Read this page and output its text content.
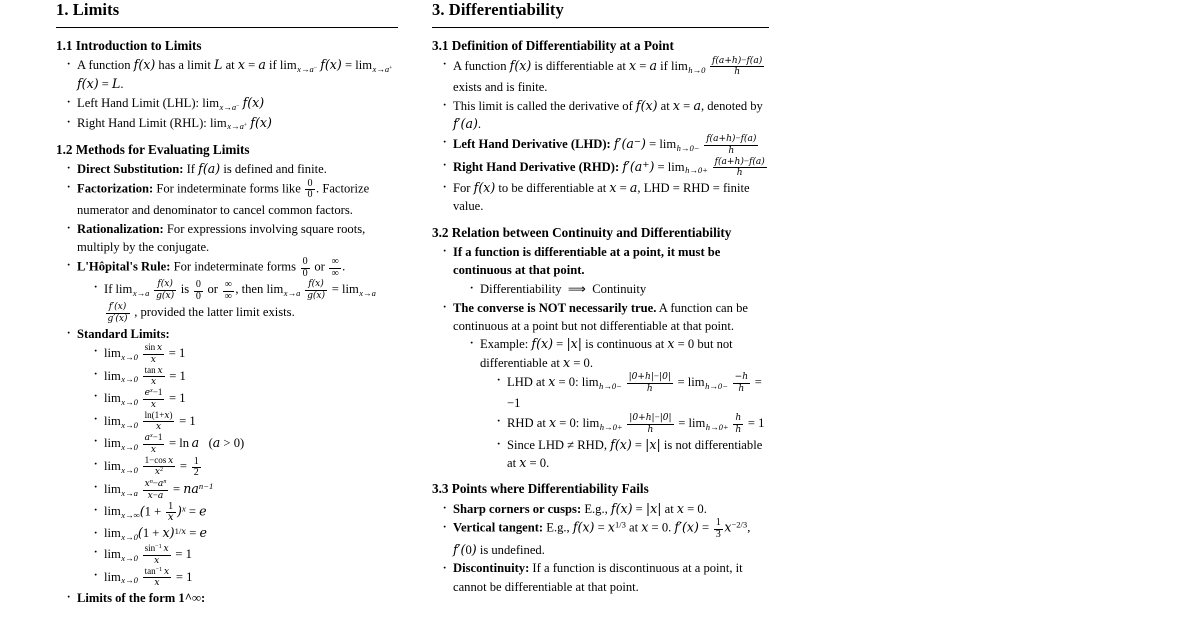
1. Limits
1.1 Introduction to Limits
· A function f(x) has a limit L at x = a if $\lim_{x\to a^-} f(x) = \lim_{x\to a^+} f(x) = L$.
· Left Hand Limit (LHL): $\lim_{x\to a^-} f(x)$
· Right Hand Limit (RHL): $\lim_{x\to a^+} f(x)$
1.2 Methods for Evaluating Limits
· Direct Substitution: If f(a) is defined and finite.
· Factorization: For indeterminate forms like $\frac{0}{0}$ . Factorize numerator and denominator to cancel common factors.
· Rationalization: For expressions involving square roots, multiply by the conjugate.
· L'Hôpital's Rule: For indeterminate forms $\frac{0}{0}$ or $\frac{\infty}{\infty}$ .
· If $\lim_{x\to a} \frac{f(x)}{g(x)}$ is $\frac{0}{0}$ or $\frac{\infty}{\infty}$ , then $\lim_{x\to a} \frac{f(x)}{g(x)} = \lim_{x\to a}$
$\frac{f'(x)}{g'(x)}$ , provided the latter limit exists.
· Standard Limits:
· $\lim_{x\to 0} \frac{\text{sin  x}}{x} = 1$
· $\lim_{x\to 0} \frac{\text{tan  x}}{x} = 1$
· $\lim_{x\to 0} \frac{e^x-1}{x} = 1$
· $\lim_{x\to 0} \frac{\ln(1+x)}{x} = 1$
· $\lim_{x\to 0} \frac{a^x-1}{x} = \ln a$   (a > 0)
· $\lim_{x\to 0} \frac{\text{1−cos  x}}{x^2} = \frac{1}{2}$
· $\lim_{x\to a} \frac{x^n-a^n}{x-a} = na^{n-1}$
· $\lim_{x\to\infty}(1 + \frac{1}{x} )^x = e$
· $\lim_{x\to 0}(1 + x)^{1/x} = e$
· $\lim_{x\to 0} \frac{\sin^{-1} x}{x} = 1$
· $\lim_{x\to 0} \frac{\tan^{-1} x}{x} = 1$
· Limits of the form 1^∞:
3. Differentiability
3.1 Definition of Differentiability at a Point
· A function f(x) is differentiable at x = a if $\lim_{h\to 0} \frac{f(a+h)-f(a)}{h}$
exists and is finite.
· This limit is called the derivative of f(x) at x = a, denoted by f′(a).
· Left Hand Derivative (LHD): $f'(a^-) = \lim_{h\to 0-} \frac{f(a+h)-f(a)}{h}$
· Right Hand Derivative (RHD): $f'(a^+) = \lim_{h\to 0+} \frac{f(a+h)-f(a)}{h}$
· For f(x) to be differentiable at x = a, LHD = RHD = finite value.
3.2 Relation between Continuity and Differentiability
· If a function is differentiable at a point, it must be continuous at that point.
· Differentiability  ⟹  Continuity
· The converse is NOT necessarily true. A function can be continuous at a point but not differentiable at that point.
· Example: f(x) = |x| is continuous at x = 0 but not differentiable at x = 0.
· LHD at x = 0: $\lim_{h\to 0-} \frac{|0+h|-|0|}{h} = \lim_{h\to 0-} \frac{-h}{h} = -1$
· RHD at x = 0: $\lim_{h\to 0+} \frac{|0+h|-|0|}{h} = \lim_{h\to 0+} \frac{h}{h} = 1$
· Since LHD ≠ RHD, f(x) = |x| is not differentiable at x = 0.
3.3 Points where Differentiability Fails
· Sharp corners or cusps: E.g., f(x) = |x| at x = 0.
· Vertical tangent: E.g., $f(x) = x^{1/3}$ at x = 0. $f'(x) = \frac{1}{3} x^{-2/3}$, f′(0) is undefined.
· Discontinuity: If a function is discontinuous at a point, it cannot be differentiable at that point.
